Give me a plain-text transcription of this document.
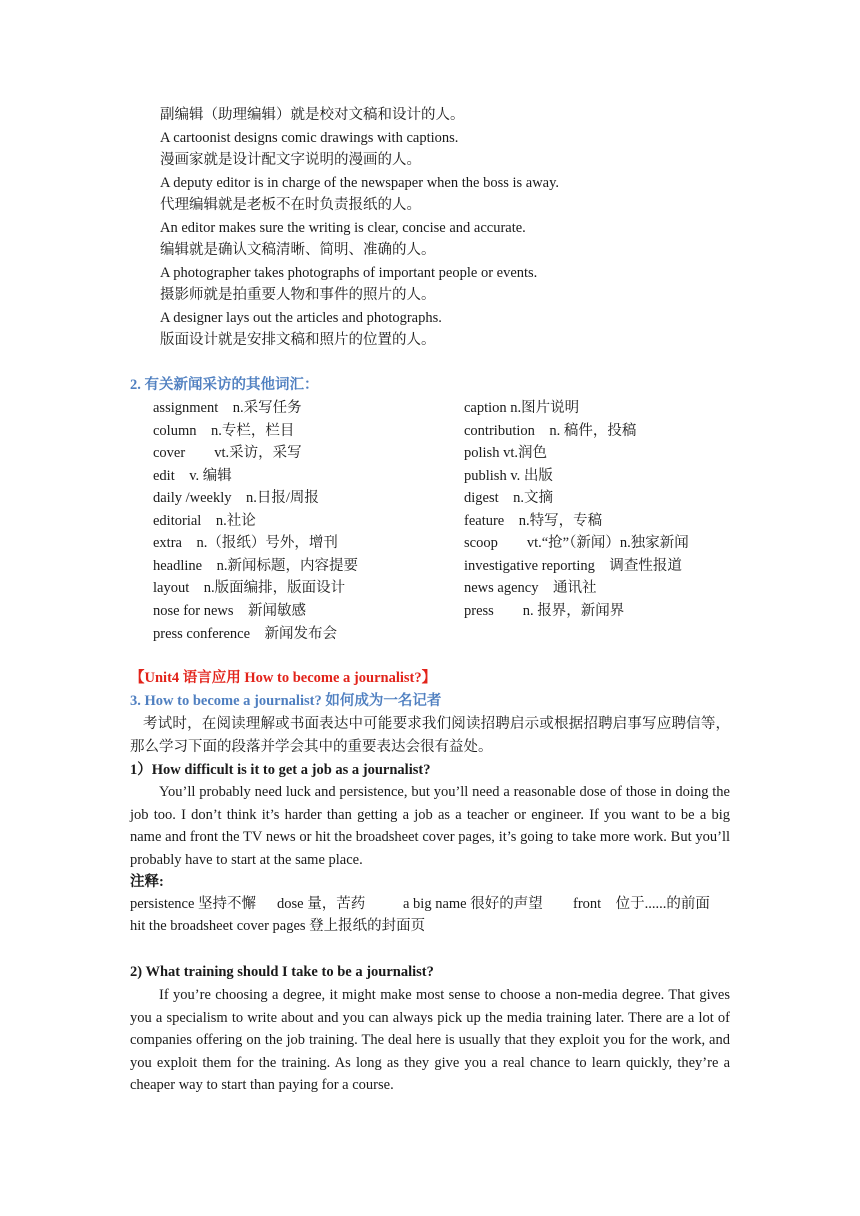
副编辑（助理编辑）就是校对文稿和设计的人。
A cartoonist designs comic drawings with captions.
漫画家就是设计配文字说明的漫画的人。
A deputy editor is in charge of the newspaper when the boss is away.
代理编辑就是老板不在时负责报纸的人。
An editor makes sure the writing is clear, concise and accurate.
编辑就是确认文稿清晰、简明、准确的人。
A photographer takes photographs of important people or events.
摄影师就是拍重要人物和事件的照片的人。
A designer lays out the articles and photographs.
版面设计就是安排文稿和照片的位置的人。
2. 有关新闻采访的其他词汇：
assignment　n.采写任务
column　n.专栏，栏目
cover　　vt.采访，采写
edit　v. 编辑
daily /weekly　n.日报/周报
editorial　n.社论
extra　n.（报纸）号外，增刊
headline　n.新闻标题，内容提要
layout　n.版面编排，版面设计
nose for news　新闻敏感
press conference　新闻发布会
caption n.图片说明
contribution　n. 稿件，投稿
polish vt.润色
publish v. 出版
digest　n.文摘
feature　n.特写，专稿
scoop　　vt.“抢”（新闻）n.独家新闻
investigative reporting　调查性报道
news agency　通讯社
press　　n. 报界，新闻界
【Unit4 语言应用 How to become a journalist?】
3. How to become a journalist? 如何成为一名记者

考试时，在阅读理解或书面表达中可能要求我们阅读招聘启示或根据招聘启事写应聘信等，那么学习下面的段落并学会其中的重要表达会很有益处。

1）How difficult is it to get a job as a journalist?

You’ll probably need luck and persistence, but you’ll need a reasonable dose of those in doing the job too. I don’t think it’s harder than getting a job as a teacher or engineer. If you want to be a big name and front the TV news or hit the broadsheet cover pages, it’s going to take more work. But you’ll probably have to start at the same place.

注释:
persistence 坚持不懈 dose 量，苦药	a big name 很好的声望 front　位于......的前面
hit the broadsheet cover pages 登上报纸的封面页
2) What training should I take to be a journalist?

If you’re choosing a degree, it might make most sense to choose a non-media degree. That gives you a specialism to write about and you can always pick up the media training later. There are a lot of companies offering on the job training. The deal here is usually that they exploit you for the work, and you exploit them for the training. As long as they give you a real chance to learn quickly, they’re a cheaper way to start than paying for a course.
